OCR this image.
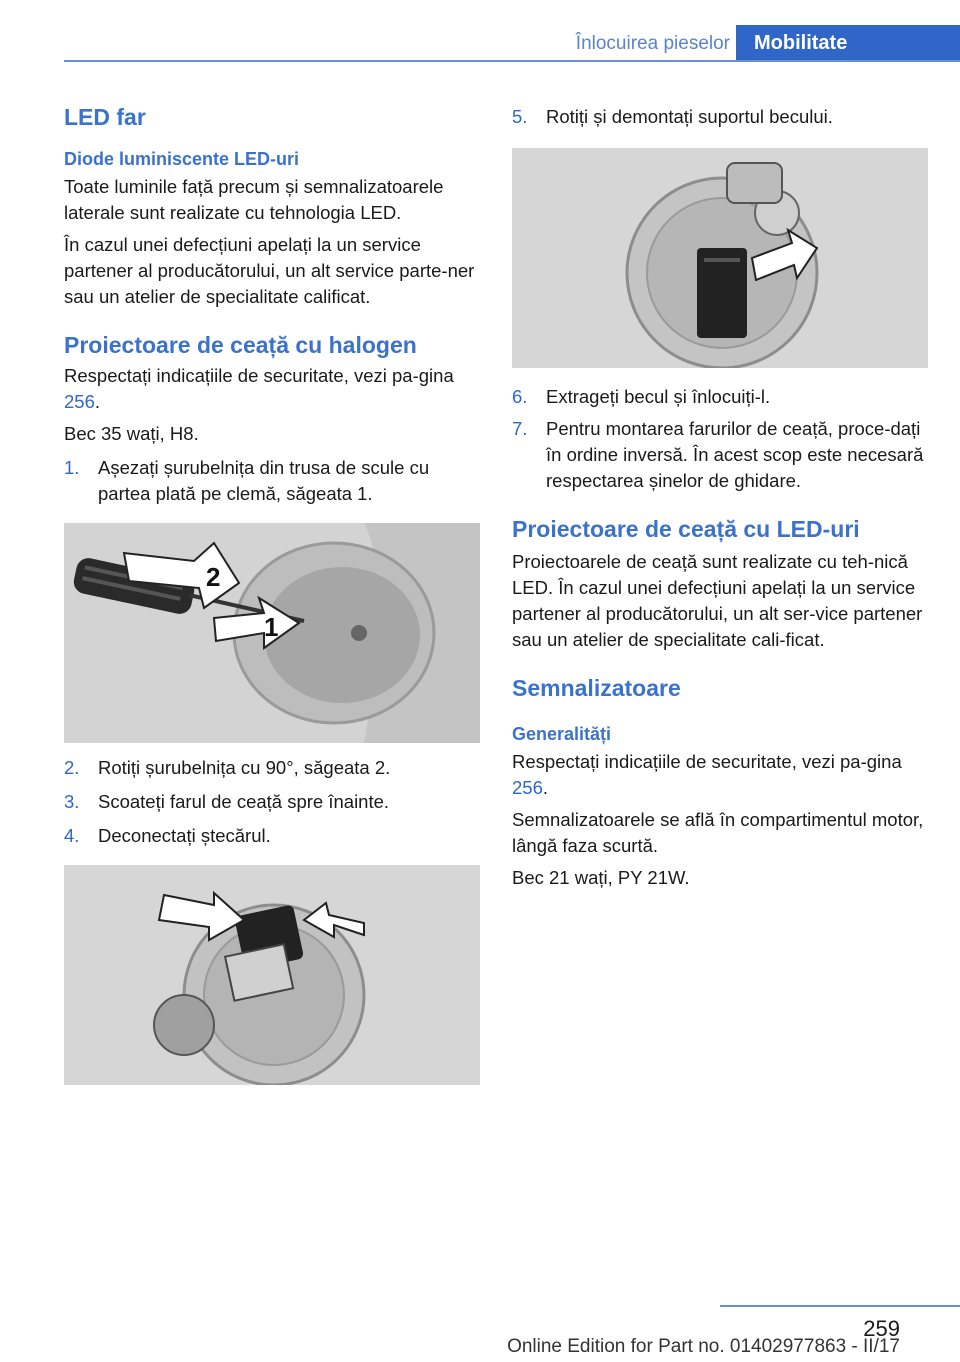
Înlocuirea pieselor	Mobilitate
LED far
Diode luminiscente LED-uri

Toate luminile față precum și semnalizatoarele laterale sunt realizate cu tehnologia LED.

În cazul unei defecțiuni apelați la un service partener al producătorului, un alt service parte-ner sau un atelier de specialitate calificat.

Proiectoare de ceață cu halogen

Respectați indicațiile de securitate, vezi pa-gina 256.

Bec 35 wați, H8.

1. Așezați șurubelnița din trusa de scule cu partea plată pe clemă, săgeata 1.
2
1
2. Rotiți șurubelnița cu 90°, săgeata 2.
3. Scoateți farul de ceață spre înainte.
4. Deconectați ștecărul.
5. Rotiți și demontați suportul becului.
6. Extrageți becul și înlocuiți-l.
7. Pentru montarea farurilor de ceață, proce-dați în ordine inversă. În acest scop este necesară respectarea șinelor de ghidare.
Proiectoare de ceață cu LED-uri

Proiectoarele de ceață sunt realizate cu teh-nică LED. În cazul unei defecțiuni apelați la un service partener al producătorului, un alt ser-vice partener sau un atelier de specialitate cali-ficat.

Semnalizatoare
Generalități

Respectați indicațiile de securitate, vezi pa-gina 256.

Semnalizatoarele se află în compartimentul motor, lângă faza scurtă.

Bec 21 wați, PY 21W.

259
Online Edition for Part no. 01402977863 - II/17
